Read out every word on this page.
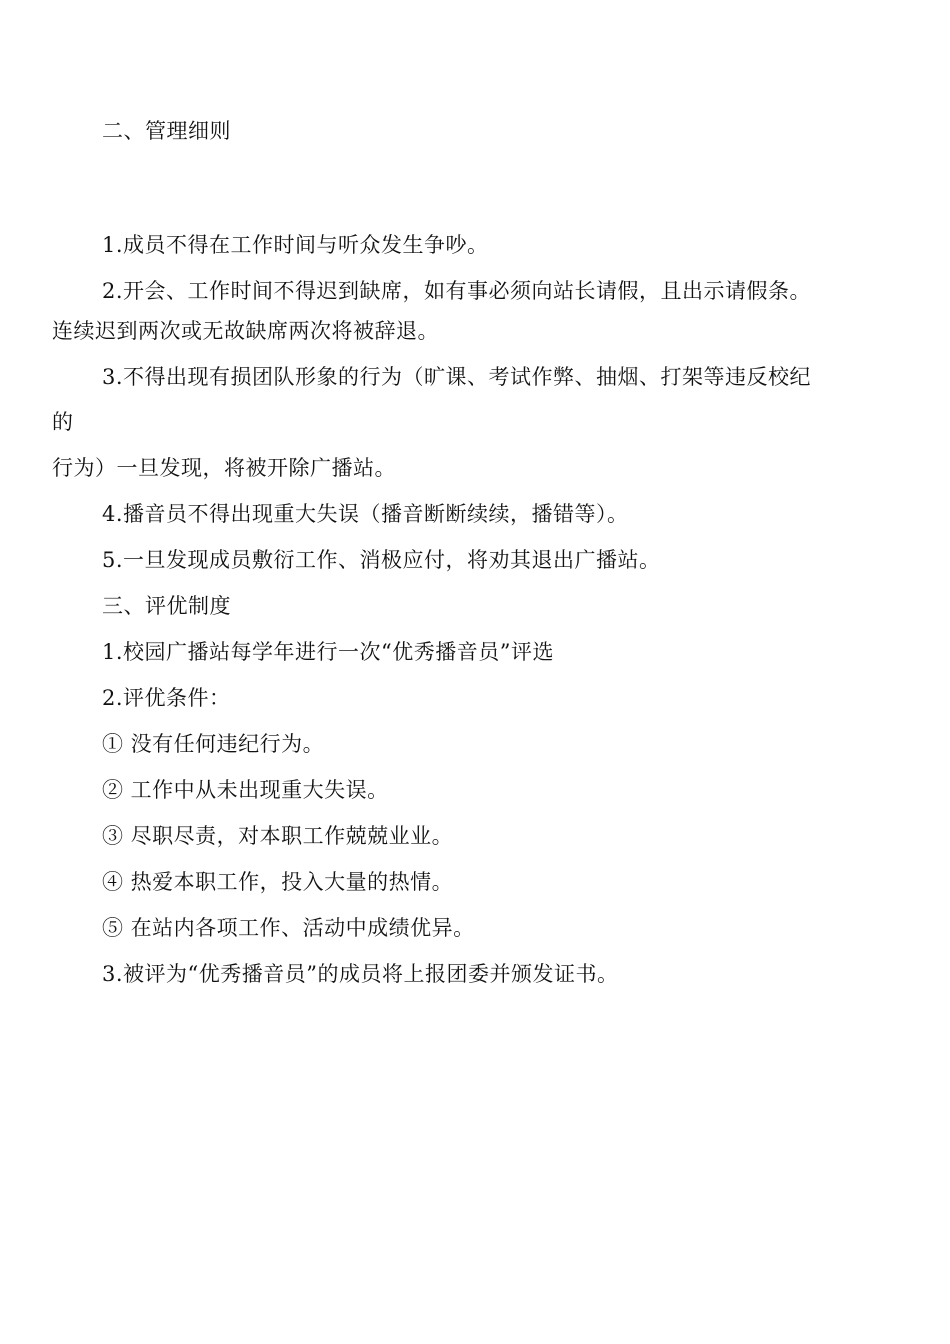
二、管理细则
1.成员不得在工作时间与听众发生争吵。
2.开会、工作时间不得迟到缺席，如有事必须向站长请假，且出示请假条。
连续迟到两次或无故缺席两次将被辞退。
3.不得出现有损团队形象的行为（旷课、考试作弊、抽烟、打架等违反校纪
的
行为）一旦发现，将被开除广播站。
4.播音员不得出现重大失误（播音断断续续，播错等）。
5.一旦发现成员敷衍工作、消极应付，将劝其退出广播站。
三、评优制度
1.校园广播站每学年进行一次“优秀播音员”评选
2.评优条件：
① 没有任何违纪行为。
② 工作中从未出现重大失误。
③ 尽职尽责，对本职工作兢兢业业。
④ 热爱本职工作，投入大量的热情。
⑤ 在站内各项工作、活动中成绩优异。
3.被评为“优秀播音员”的成员将上报团委并颁发证书。
